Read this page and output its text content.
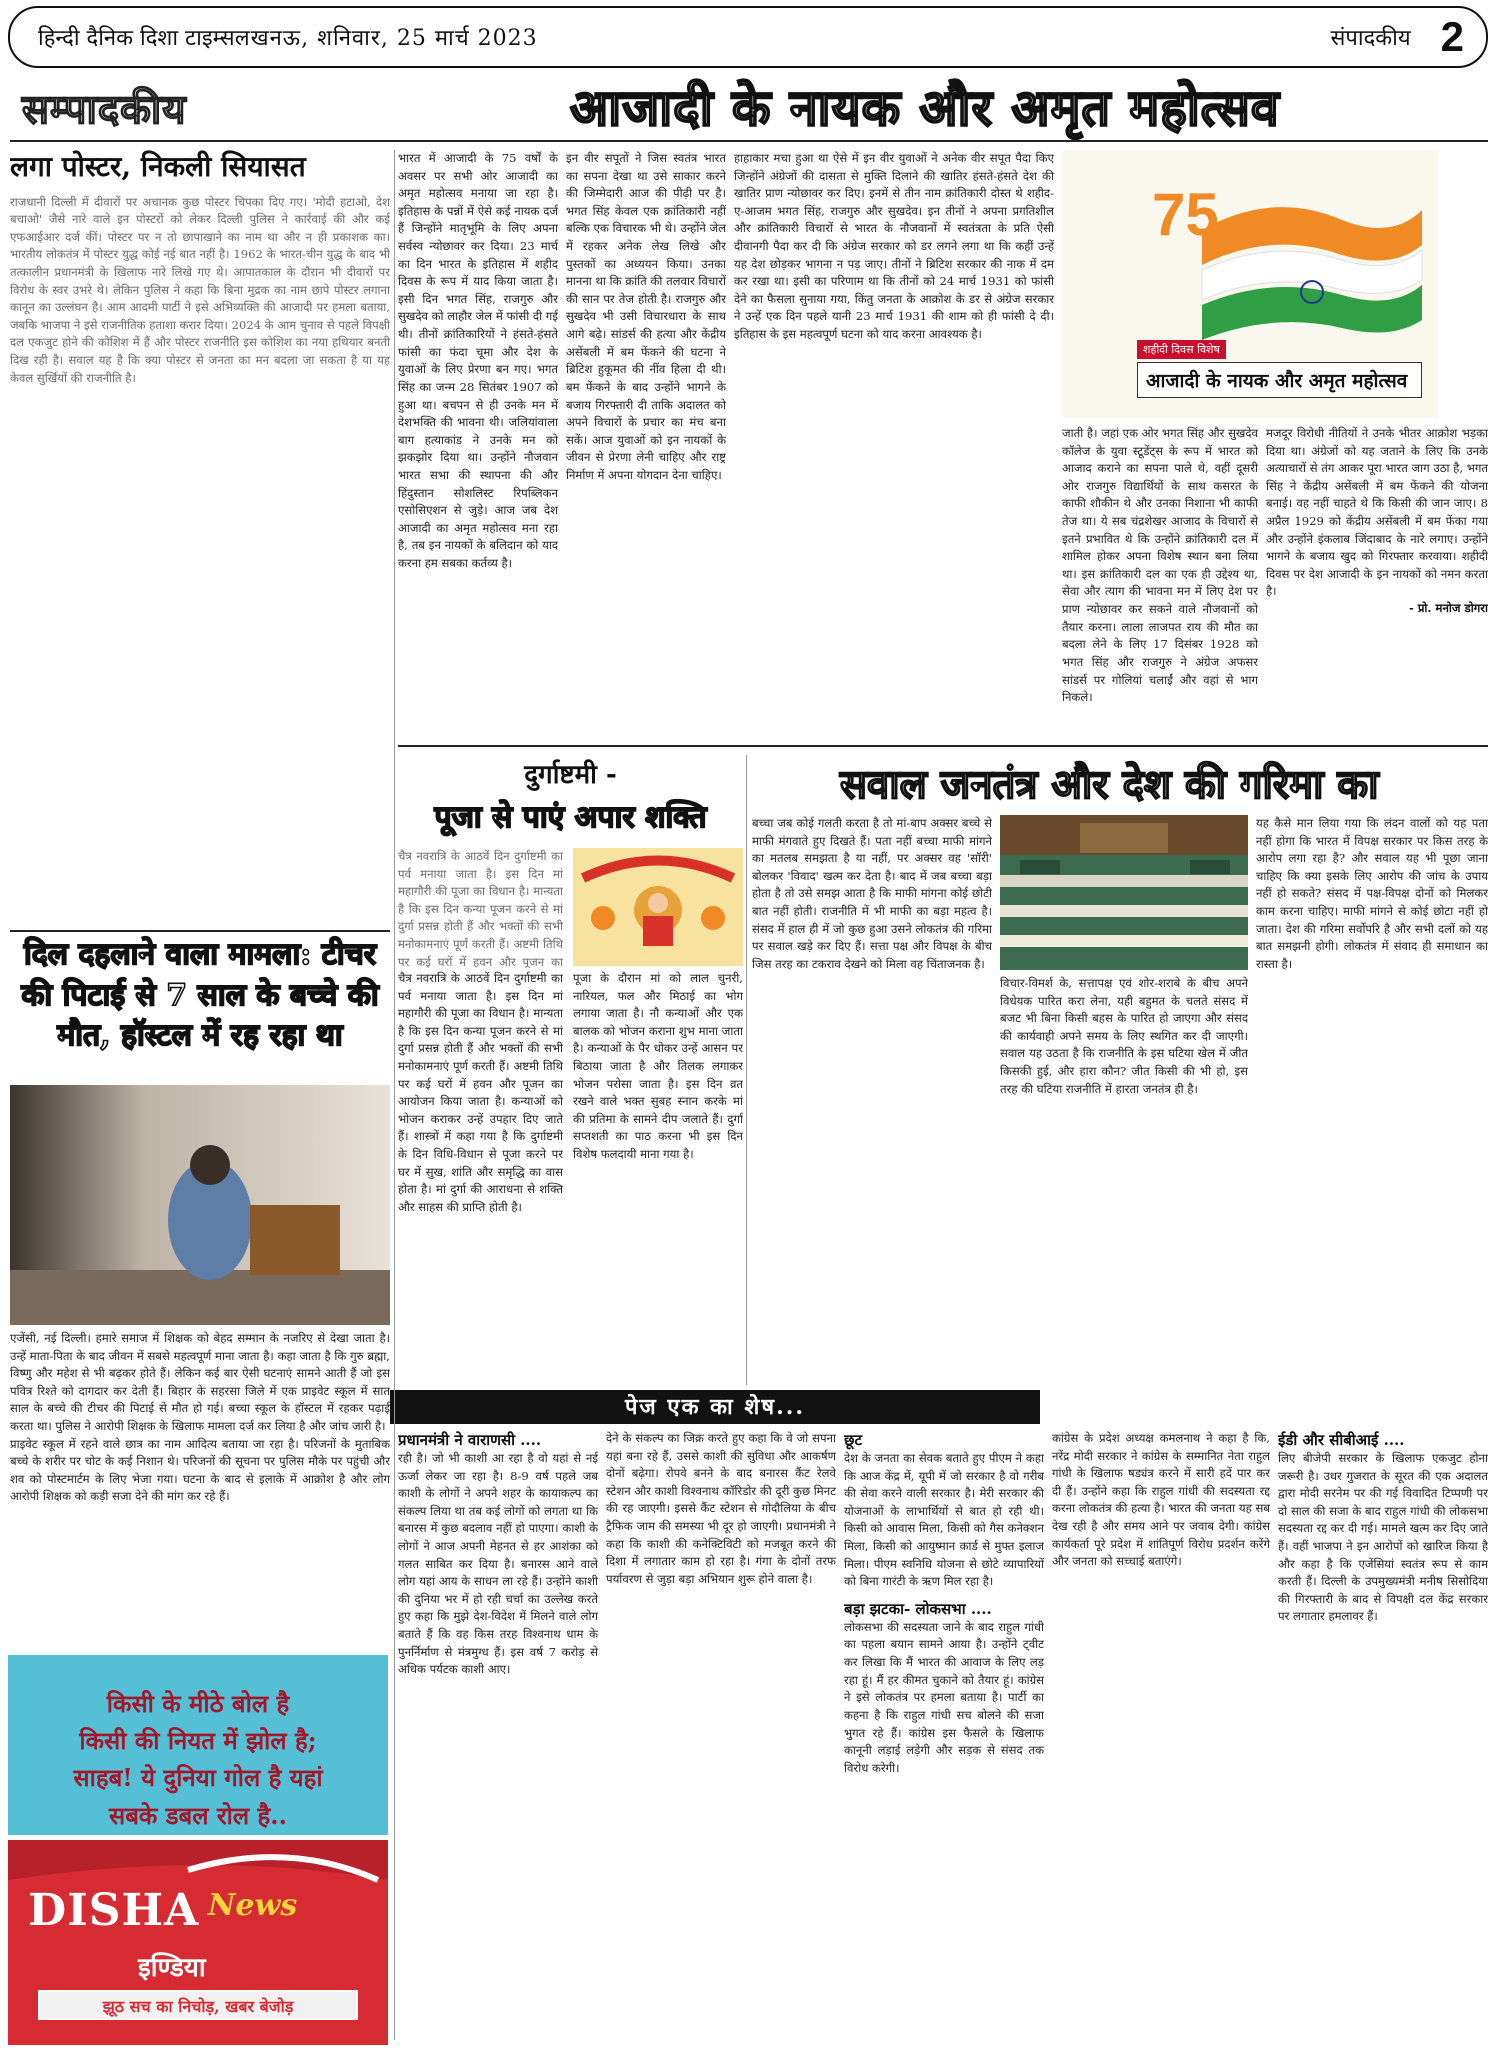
हिन्दी दैनिक दिशा टाइम्स लखनऊ, शनिवार, 25 मार्च 2023	संपादकीय 2
सम्पादकीय	आजादी के नायक और अमृत महोत्सव
लगा पोस्टर, निकली सियासत
राजधानी दिल्ली में दीवारों पर अचानक कुछ पोस्टर चिपका दिए गए। 'मोदी हटाओ, देश बचाओ' जैसे नारे वाले इन पोस्टरों को लेकर दिल्ली पुलिस ने कार्रवाई की और कई एफआईआर दर्ज कीं। पोस्टर पर न तो छापाखाने का नाम था और न ही प्रकाशक का। भारतीय लोकतंत्र में पोस्टर युद्ध कोई नई बात नहीं है। 1962 के भारत-चीन युद्ध के बाद भी तत्कालीन प्रधानमंत्री के खिलाफ नारे लिखे गए थे। आपातकाल के दौरान भी दीवारों पर विरोध के स्वर उभरे थे। लेकिन पुलिस ने कहा कि बिना मुद्रक का नाम छापे पोस्टर लगाना कानून का उल्लंघन है। आम आदमी पार्टी ने इसे अभिव्यक्ति की आजादी पर हमला बताया, जबकि भाजपा ने इसे राजनीतिक हताशा करार दिया। 2024 के आम चुनाव से पहले विपक्षी दल एकजुट होने की कोशिश में हैं और पोस्टर राजनीति इस कोशिश का नया हथियार बनती दिख रही है। सवाल यह है कि क्या पोस्टर से जनता का मन बदला जा सकता है या यह केवल सुर्खियों की राजनीति है।
भारत में आजादी के 75 वर्षों के अवसर पर सभी ओर आजादी का अमृत महोत्सव मनाया जा रहा है। इतिहास के पन्नों में ऐसे कई नायक दर्ज हैं जिन्होंने मातृभूमि के लिए अपना सर्वस्व न्योछावर कर दिया। 23 मार्च का दिन भारत के इतिहास में शहीद दिवस के रूप में याद किया जाता है। इसी दिन भगत सिंह, राजगुरु और सुखदेव को लाहौर जेल में फांसी दी गई थी। तीनों क्रांतिकारियों ने हंसते-हंसते फांसी का फंदा चूमा और देश के युवाओं के लिए प्रेरणा बन गए। भगत सिंह का जन्म 28 सितंबर 1907 को हुआ था। बचपन से ही उनके मन में देशभक्ति की भावना थी। जलियांवाला बाग हत्याकांड ने उनके मन को झकझोर दिया था। उन्होंने नौजवान भारत सभा की स्थापना की और हिंदुस्तान सोशलिस्ट रिपब्लिकन एसोसिएशन से जुड़े। आज जब देश आजादी का अमृत महोत्सव मना रहा है, तब इन नायकों के बलिदान को याद करना हम सबका कर्तव्य है।
इन वीर सपूतों ने जिस स्वतंत्र भारत का सपना देखा था उसे साकार करने की जिम्मेदारी आज की पीढ़ी पर है। भगत सिंह केवल एक क्रांतिकारी नहीं बल्कि एक विचारक भी थे। उन्होंने जेल में रहकर अनेक लेख लिखे और पुस्तकों का अध्ययन किया। उनका मानना था कि क्रांति की तलवार विचारों की सान पर तेज होती है। राजगुरु और सुखदेव भी उसी विचारधारा के साथ आगे बढ़े। सांडर्स की हत्या और केंद्रीय असेंबली में बम फेंकने की घटना ने ब्रिटिश हुकूमत की नींव हिला दी थी। बम फेंकने के बाद उन्होंने भागने के बजाय गिरफ्तारी दी ताकि अदालत को अपने विचारों के प्रचार का मंच बना सकें। आज युवाओं को इन नायकों के जीवन से प्रेरणा लेनी चाहिए और राष्ट्र निर्माण में अपना योगदान देना चाहिए।
हाहाकार मचा हुआ था ऐसे में इन वीर युवाओं ने अनेक वीर सपूत पैदा किए जिन्होंने अंग्रेजों की दासता से मुक्ति दिलाने की खातिर हंसते-हंसते देश की खातिर प्राण न्योछावर कर दिए। इनमें से तीन नाम क्रांतिकारी दोस्त थे शहीद-ए-आजम भगत सिंह, राजगुरु और सुखदेव। इन तीनों ने अपना प्रगतिशील और क्रांतिकारी विचारों से भारत के नौजवानों में स्वतंत्रता के प्रति ऐसी दीवानगी पैदा कर दी कि अंग्रेज सरकार को डर लगने लगा था कि कहीं उन्हें यह देश छोड़कर भागना न पड़ जाए। तीनों ने ब्रिटिश सरकार की नाक में दम कर रखा था। इसी का परिणाम था कि तीनों को 24 मार्च 1931 को फांसी देने का फैसला सुनाया गया, किंतु जनता के आक्रोश के डर से अंग्रेज सरकार ने उन्हें एक दिन पहले यानी 23 मार्च 1931 की शाम को ही फांसी दे दी। इतिहास के इस महत्वपूर्ण घटना को याद करना आवश्यक है।
75
शहीदी दिवस विशेष
आजादी के नायक और अमृत महोत्सव
जाती है। जहां एक ओर भगत सिंह और सुखदेव कॉलेज के युवा स्टूडेंट्स के रूप में भारत को आजाद कराने का सपना पाले थे, वहीं दूसरी ओर राजगुरु विद्यार्थियों के साथ कसरत के काफी शौकीन थे और उनका निशाना भी काफी तेज था। ये सब चंद्रशेखर आजाद के विचारों से इतने प्रभावित थे कि उन्होंने क्रांतिकारी दल में शामिल होकर अपना विशेष स्थान बना लिया था। इस क्रांतिकारी दल का एक ही उद्देश्य था, सेवा और त्याग की भावना मन में लिए देश पर प्राण न्योछावर कर सकने वाले नौजवानों को तैयार करना। लाला लाजपत राय की मौत का बदला लेने के लिए 17 दिसंबर 1928 को भगत सिंह और राजगुरु ने अंग्रेज अफसर सांडर्स पर गोलियां चलाईं और वहां से भाग निकले।
मजदूर विरोधी नीतियों ने उनके भीतर आक्रोश भड़का दिया था। अंग्रेजों को यह जताने के लिए कि उनके अत्याचारों से तंग आकर पूरा भारत जाग उठा है, भगत सिंह ने केंद्रीय असेंबली में बम फेंकने की योजना बनाई। वह नहीं चाहते थे कि किसी की जान जाए। 8 अप्रैल 1929 को केंद्रीय असेंबली में बम फेंका गया और उन्होंने इंकलाब जिंदाबाद के नारे लगाए। उन्होंने भागने के बजाय खुद को गिरफ्तार करवाया। शहीदी दिवस पर देश आजादी के इन नायकों को नमन करता है।
- प्रो. मनोज डोगरा
दुर्गाष्टमी -
पूजा से पाएं अपार शक्ति
चैत्र नवरात्रि के आठवें दिन दुर्गाष्टमी का पर्व मनाया जाता है। इस दिन मां महागौरी की पूजा का विधान है। मान्यता है कि इस दिन कन्या पूजन करने से मां दुर्गा प्रसन्न होती हैं और भक्तों की सभी मनोकामनाएं पूर्ण करती हैं। अष्टमी तिथि पर कई घरों में हवन और पूजन का
चैत्र नवरात्रि के आठवें दिन दुर्गाष्टमी का पर्व मनाया जाता है। इस दिन मां महागौरी की पूजा का विधान है। मान्यता है कि इस दिन कन्या पूजन करने से मां दुर्गा प्रसन्न होती हैं और भक्तों की सभी मनोकामनाएं पूर्ण करती हैं। अष्टमी तिथि पर कई घरों में हवन और पूजन का आयोजन किया जाता है। कन्याओं को भोजन कराकर उन्हें उपहार दिए जाते हैं। शास्त्रों में कहा गया है कि दुर्गाष्टमी के दिन विधि-विधान से पूजा करने पर घर में सुख, शांति और समृद्धि का वास होता है। मां दुर्गा की आराधना से शक्ति और साहस की प्राप्ति होती है।
पूजा के दौरान मां को लाल चुनरी, नारियल, फल और मिठाई का भोग लगाया जाता है। नौ कन्याओं और एक बालक को भोजन कराना शुभ माना जाता है। कन्याओं के पैर धोकर उन्हें आसन पर बिठाया जाता है और तिलक लगाकर भोजन परोसा जाता है। इस दिन व्रत रखने वाले भक्त सुबह स्नान करके मां की प्रतिमा के सामने दीप जलाते हैं। दुर्गा सप्तशती का पाठ करना भी इस दिन विशेष फलदायी माना गया है।
दिल दहलाने वाला मामला: टीचर की पिटाई से 7 साल के बच्चे की मौत, हॉस्टल में रह रहा था
एजेंसी, नई दिल्ली। हमारे समाज में शिक्षक को बेहद सम्मान के नजरिए से देखा जाता है। उन्हें माता-पिता के बाद जीवन में सबसे महत्वपूर्ण माना जाता है। कहा जाता है कि गुरु ब्रह्मा, विष्णु और महेश से भी बढ़कर होते हैं। लेकिन कई बार ऐसी घटनाएं सामने आती हैं जो इस पवित्र रिश्ते को दागदार कर देती हैं। बिहार के सहरसा जिले में एक प्राइवेट स्कूल में सात साल के बच्चे की टीचर की पिटाई से मौत हो गई। बच्चा स्कूल के हॉस्टल में रहकर पढ़ाई करता था। पुलिस ने आरोपी शिक्षक के खिलाफ मामला दर्ज कर लिया है और जांच जारी है।
प्राइवेट स्कूल में रहने वाले छात्र का नाम आदित्य बताया जा रहा है। परिजनों के मुताबिक बच्चे के शरीर पर चोट के कई निशान थे। परिजनों की सूचना पर पुलिस मौके पर पहुंची और शव को पोस्टमार्टम के लिए भेजा गया। घटना के बाद से इलाके में आक्रोश है और लोग आरोपी शिक्षक को कड़ी सजा देने की मांग कर रहे हैं।
सवाल जनतंत्र और देश की गरिमा का
बच्चा जब कोई गलती करता है तो मां-बाप अक्सर बच्चे से माफी मंगवाते हुए दिखते हैं। पता नहीं बच्चा माफी मांगने का मतलब समझता है या नहीं, पर अक्सर वह 'सॉरी' बोलकर 'विवाद' खत्म कर देता है। बाद में जब बच्चा बड़ा होता है तो उसे समझ आता है कि माफी मांगना कोई छोटी बात नहीं होती। राजनीति में भी माफी का बड़ा महत्व है। संसद में हाल ही में जो कुछ हुआ उसने लोकतंत्र की गरिमा पर सवाल खड़े कर दिए हैं। सत्ता पक्ष और विपक्ष के बीच जिस तरह का टकराव देखने को मिला वह चिंताजनक है।
विचार-विमर्श के, सत्तापक्ष एवं शोर-शराबे के बीच अपने विधेयक पारित करा लेना, यही बहुमत के चलते संसद में बजट भी बिना किसी बहस के पारित हो जाएगा और संसद की कार्यवाही अपने समय के लिए स्थगित कर दी जाएगी। सवाल यह उठता है कि राजनीति के इस घटिया खेल में जीत किसकी हुई, और हारा कौन? जीत किसी की भी हो, इस तरह की घटिया राजनीति में हारता जनतंत्र ही है।
यह कैसे मान लिया गया कि लंदन वालों को यह पता नहीं होगा कि भारत में विपक्ष सरकार पर किस तरह के आरोप लगा रहा है? और सवाल यह भी पूछा जाना चाहिए कि क्या इसके लिए आरोप की जांच के उपाय नहीं हो सकते? संसद में पक्ष-विपक्ष दोनों को मिलकर काम करना चाहिए। माफी मांगने से कोई छोटा नहीं हो जाता। देश की गरिमा सर्वोपरि है और सभी दलों को यह बात समझनी होगी। लोकतंत्र में संवाद ही समाधान का रास्ता है।
पेज एक का शेष...
प्रधानमंत्री ने वाराणसी ....
रही है। जो भी काशी आ रहा है वो यहां से नई ऊर्जा लेकर जा रहा है। 8-9 वर्ष पहले जब काशी के लोगों ने अपने शहर के कायाकल्प का संकल्प लिया था तब कई लोगों को लगता था कि बनारस में कुछ बदलाव नहीं हो पाएगा। काशी के लोगों ने आज अपनी मेहनत से हर आशंका को गलत साबित कर दिया है। बनारस आने वाले लोग यहां आय के साधन ला रहे हैं। उन्होंने काशी की दुनिया भर में हो रही चर्चा का उल्लेख करते हुए कहा कि मुझे देश-विदेश में मिलने वाले लोग बताते हैं कि वह किस तरह विश्वनाथ धाम के पुनर्निर्माण से मंत्रमुग्ध हैं। इस वर्ष 7 करोड़ से अधिक पर्यटक काशी आए।
देने के संकल्प का जिक्र करते हुए कहा कि वे जो सपना यहां बना रहे हैं, उससे काशी की सुविधा और आकर्षण दोनों बढ़ेगा। रोपवे बनने के बाद बनारस कैंट रेलवे स्टेशन और काशी विश्वनाथ कॉरिडोर की दूरी कुछ मिनट की रह जाएगी। इससे कैंट स्टेशन से गोदौलिया के बीच ट्रैफिक जाम की समस्या भी दूर हो जाएगी। प्रधानमंत्री ने कहा कि काशी की कनेक्टिविटी को मजबूत करने की दिशा में लगातार काम हो रहा है। गंगा के दोनों तरफ पर्यावरण से जुड़ा बड़ा अभियान शुरू होने वाला है।
छूट
देश के जनता का सेवक बताते हुए पीएम ने कहा कि आज केंद्र में, यूपी में जो सरकार है वो गरीब की सेवा करने वाली सरकार है। मेरी सरकार की योजनाओं के लाभार्थियों से बात हो रही थी। किसी को आवास मिला, किसी को गैस कनेक्शन मिला, किसी को आयुष्मान कार्ड से मुफ्त इलाज मिला। पीएम स्वनिधि योजना से छोटे व्यापारियों को बिना गारंटी के ऋण मिल रहा है।
बड़ा झटका- लोकसभा ....
लोकसभा की सदस्यता जाने के बाद राहुल गांधी का पहला बयान सामने आया है। उन्होंने ट्वीट कर लिखा कि मैं भारत की आवाज के लिए लड़ रहा हूं। मैं हर कीमत चुकाने को तैयार हूं। कांग्रेस ने इसे लोकतंत्र पर हमला बताया है। पार्टी का कहना है कि राहुल गांधी सच बोलने की सजा भुगत रहे हैं। कांग्रेस इस फैसले के खिलाफ कानूनी लड़ाई लड़ेगी और सड़क से संसद तक विरोध करेगी।
कांग्रेस के प्रदेश अध्यक्ष कमलनाथ ने कहा है कि, नरेंद्र मोदी सरकार ने कांग्रेस के सम्मानित नेता राहुल गांधी के खिलाफ षड्यंत्र करने में सारी हदें पार कर दी हैं। उन्होंने कहा कि राहुल गांधी की सदस्यता रद्द करना लोकतंत्र की हत्या है। भारत की जनता यह सब देख रही है और समय आने पर जवाब देगी। कांग्रेस कार्यकर्ता पूरे प्रदेश में शांतिपूर्ण विरोध प्रदर्शन करेंगे और जनता को सच्चाई बताएंगे।
ईडी और सीबीआई ....
लिए बीजेपी सरकार के खिलाफ एकजुट होना जरूरी है। उधर गुजरात के सूरत की एक अदालत द्वारा मोदी सरनेम पर की गई विवादित टिप्पणी पर दो साल की सजा के बाद राहुल गांधी की लोकसभा सदस्यता रद्द कर दी गई। मामले खत्म कर दिए जाते हैं। वहीं भाजपा ने इन आरोपों को खारिज किया है और कहा है कि एजेंसियां स्वतंत्र रूप से काम करती हैं। दिल्ली के उपमुख्यमंत्री मनीष सिसोदिया की गिरफ्तारी के बाद से विपक्षी दल केंद्र सरकार पर लगातार हमलावर हैं।
किसी के मीठे बोल है
किसी की नियत में झोल है;
साहब! ये दुनिया गोल है यहां
सबके डबल रोल है..
DISHA News
इण्डिया
झूठ सच का निचोड़, खबर बेजोड़
